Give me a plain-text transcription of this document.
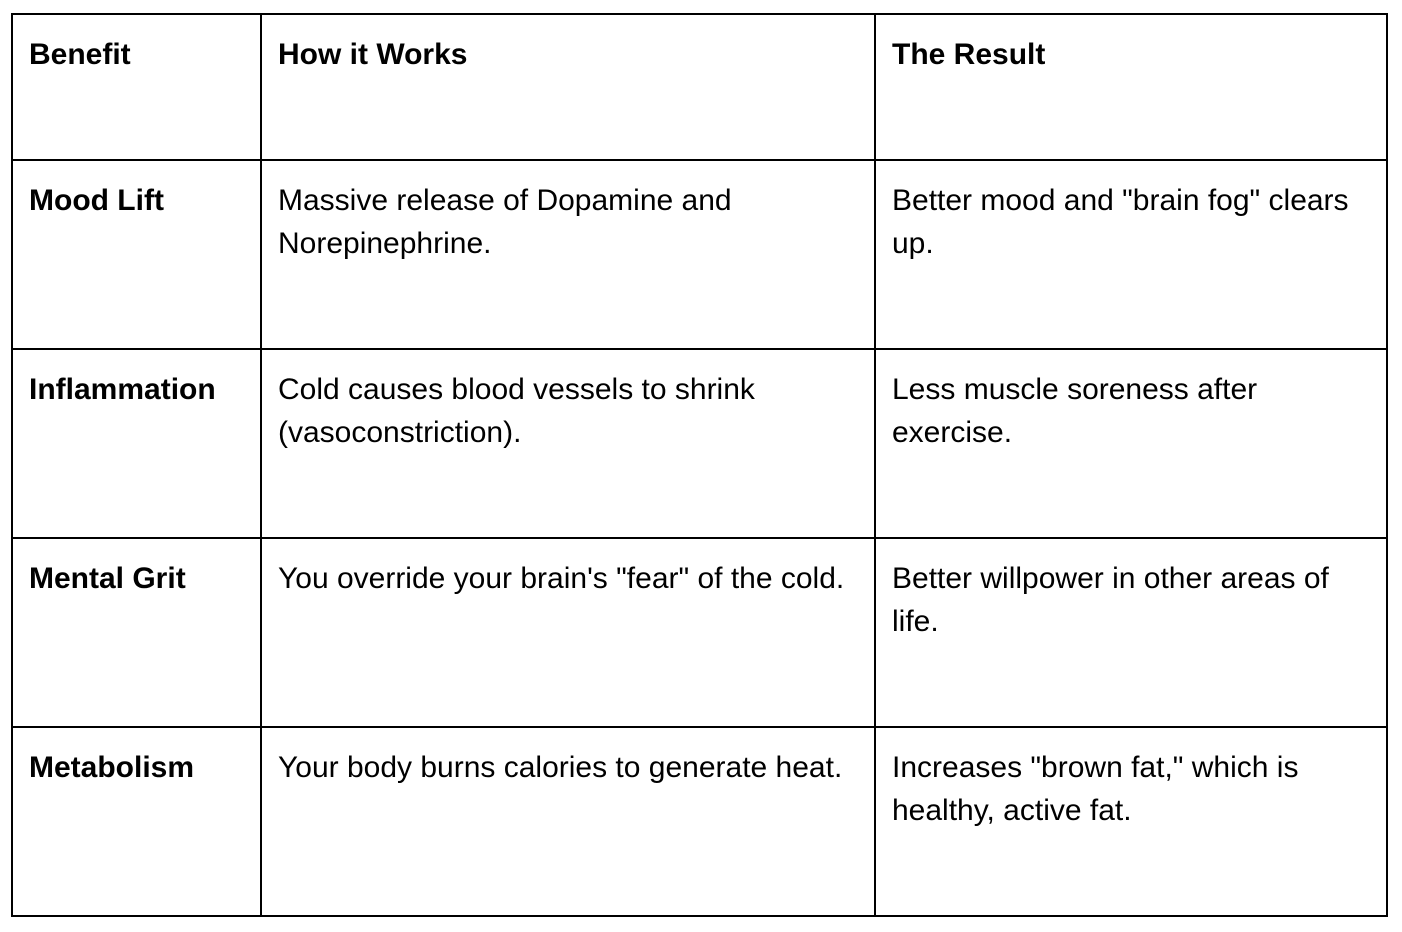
Benefit	How it Works	The Result
Mood Lift	Massive release of Dopamine and Norepinephrine.	Better mood and "brain fog" clears up.
Inflammation	Cold causes blood vessels to shrink (vasoconstriction).	Less muscle soreness after exercise.
Mental Grit	You override your brain's "fear" of the cold.	Better willpower in other areas of life.
Metabolism	Your body burns calories to generate heat.	Increases "brown fat," which is healthy, active fat.
